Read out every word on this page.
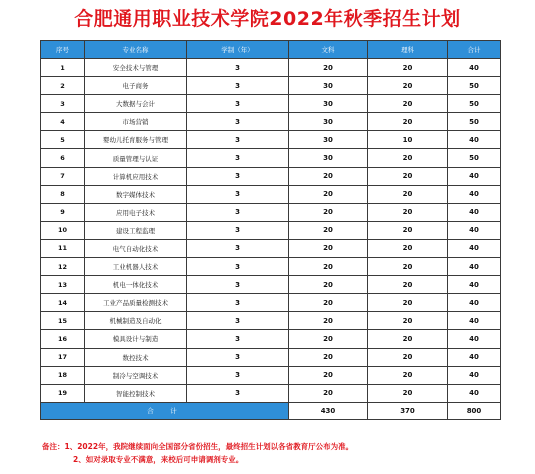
合肥通用职业技术学院2022年秋季招生计划
序号	专业名称	学制（年）	文科	理科	合计
1	安全技术与管理	3	20	20	40
2	电子商务	3	30	20	50
3	大数据与会计	3	30	20	50
4	市场营销	3	30	20	50
5	婴幼儿托育服务与管理	3	30	10	40
6	质量管理与认证	3	30	20	50
7	计算机应用技术	3	20	20	40
8	数字媒体技术	3	20	20	40
9	应用电子技术	3	20	20	40
10	建设工程监理	3	20	20	40
11	电气自动化技术	3	20	20	40
12	工业机器人技术	3	20	20	40
13	机电一体化技术	3	20	20	40
14	工业产品质量检测技术	3	20	20	40
15	机械制造及自动化	3	20	20	40
16	模具设计与制造	3	20	20	40
17	数控技术	3	20	20	40
18	制冷与空调技术	3	20	20	40
19	智能控制技术	3	20	20	40
合　计			430	370	800
备注：1、2022年，我院继续面向全国部分省份招生，最终招生计划以各省教育厅公布为准。
2、如对录取专业不满意，来校后可申请调剂专业。
